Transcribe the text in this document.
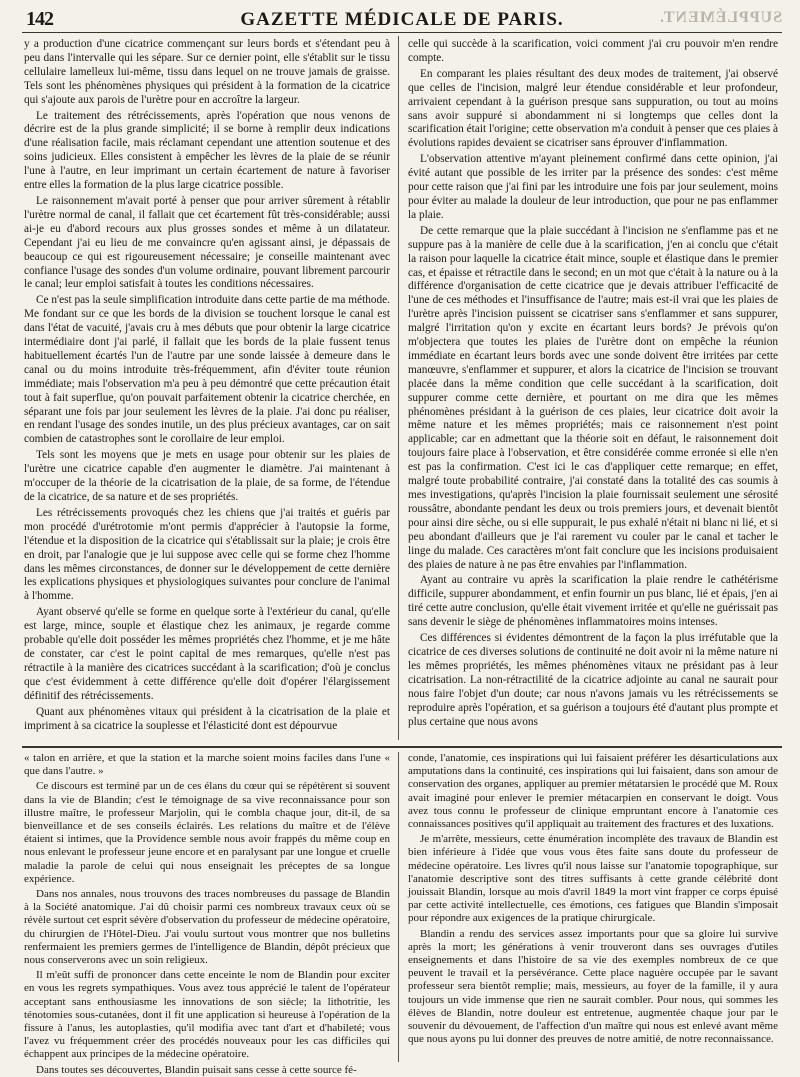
142	GAZETTE MÉDICALE DE PARIS.	SUPPLÉMENT.

y a production d'une cicatrice commençant sur leurs bords et s'étendant peu à peu dans l'intervalle qui les sépare. Sur ce dernier point, elle s'établit sur le tissu cellulaire lamelleux lui-même, tissu dans lequel on ne trouve jamais de graisse. Tels sont les phénomènes physiques qui président à la formation de la cicatrice qui s'ajoute aux parois de l'urètre pour en accroître la largeur.

Le traitement des rétrécissements, après l'opération que nous venons de décrire est de la plus grande simplicité; il se borne à remplir deux indications d'une réalisation facile, mais réclamant cependant une attention soutenue et des soins judicieux. Elles consistent à empêcher les lèvres de la plaie de se réunir l'une à l'autre, en leur imprimant un certain écartement de nature à favoriser entre elles la formation de la plus large cicatrice possible.

Le raisonnement m'avait porté à penser que pour arriver sûrement à rétablir l'urètre normal de canal, il fallait que cet écartement fût très-considérable; aussi ai-je eu d'abord recours aux plus grosses sondes et même à un dilatateur. Cependant j'ai eu lieu de me convaincre qu'en agissant ainsi, je dépassais de beaucoup ce qui est rigoureusement nécessaire; je conseille maintenant avec confiance l'usage des sondes d'un volume ordinaire, pouvant librement parcourir le canal; leur emploi satisfait à toutes les conditions nécessaires.

Ce n'est pas la seule simplification introduite dans cette partie de ma méthode. Me fondant sur ce que les bords de la division se touchent lorsque le canal est dans l'état de vacuité, j'avais cru à mes débuts que pour obtenir la large cicatrice intermédiaire dont j'ai parlé, il fallait que les bords de la plaie fussent tenus habituellement écartés l'un de l'autre par une sonde laissée à demeure dans le canal ou du moins introduite très-fréquemment, afin d'éviter toute réunion immédiate; mais l'observation m'a peu à peu démontré que cette précaution était tout à fait superflue, qu'on pouvait parfaitement obtenir la cicatrice cherchée, en séparant une fois par jour seulement les lèvres de la plaie. J'ai donc pu réaliser, en rendant l'usage des sondes inutile, un des plus précieux avantages, car on sait combien de catastrophes sont le corollaire de leur emploi.

Tels sont les moyens que je mets en usage pour obtenir sur les plaies de l'urètre une cicatrice capable d'en augmenter le diamètre. J'ai maintenant à m'occuper de la théorie de la cicatrisation de la plaie, de sa forme, de l'étendue de la cicatrice, de sa nature et de ses propriétés.

Les rétrécissements provoqués chez les chiens que j'ai traités et guéris par mon procédé d'urétrotomie m'ont permis d'apprécier à l'autopsie la forme, l'étendue et la disposition de la cicatrice qui s'établissait sur la plaie; je crois être en droit, par l'analogie que je lui suppose avec celle qui se forme chez l'homme dans les mêmes circonstances, de donner sur le développement de cette dernière les explications physiques et physiologiques suivantes pour conclure de l'animal à l'homme.

Ayant observé qu'elle se forme en quelque sorte à l'extérieur du canal, qu'elle est large, mince, souple et élastique chez les animaux, je regarde comme probable qu'elle doit posséder les mêmes propriétés chez l'homme, et je me hâte de constater, car c'est le point capital de mes remarques, qu'elle n'est pas rétractile à la manière des cicatrices succédant à la scarification; d'où je conclus que c'est évidemment à cette différence qu'elle doit d'opérer l'élargissement définitif des rétrécissements.

Quant aux phénomènes vitaux qui président à la cicatrisation de la plaie et impriment à sa cicatrice la souplesse et l'élasticité dont est dépourvue

celle qui succède à la scarification, voici comment j'ai cru pouvoir m'en rendre compte.

En comparant les plaies résultant des deux modes de traitement, j'ai observé que celles de l'incision, malgré leur étendue considérable et leur profondeur, arrivaient cependant à la guérison presque sans suppuration, ou tout au moins sans avoir suppuré si abondamment ni si longtemps que celles dont la scarification était l'origine; cette observation m'a conduit à penser que ces plaies à évolutions rapides devaient se cicatriser sans éprouver d'inflammation.

L'observation attentive m'ayant pleinement confirmé dans cette opinion, j'ai évité autant que possible de les irriter par la présence des sondes: c'est même pour cette raison que j'ai fini par les introduire une fois par jour seulement, moins pour éviter au malade la douleur de leur introduction, que pour ne pas enflammer la plaie.

De cette remarque que la plaie succédant à l'incision ne s'enflamme pas et ne suppure pas à la manière de celle due à la scarification, j'en ai conclu que c'était la raison pour laquelle la cicatrice était mince, souple et élastique dans le premier cas, et épaisse et rétractile dans le second; en un mot que c'était à la nature ou à la différence d'organisation de cette cicatrice que je devais attribuer l'efficacité de l'une de ces méthodes et l'insuffisance de l'autre; mais est-il vrai que les plaies de l'urètre après l'incision puissent se cicatriser sans s'enflammer et sans suppurer, malgré l'irritation qu'on y excite en écartant leurs bords? Je prévois qu'on m'objectera que toutes les plaies de l'urètre dont on empêche la réunion immédiate en écartant leurs bords avec une sonde doivent être irritées par cette manœuvre, s'enflammer et suppurer, et alors la cicatrice de l'incision se trouvant placée dans la même condition que celle succédant à la scarification, doit suppurer comme cette dernière, et pourtant on me dira que les mêmes phénomènes présidant à la guérison de ces plaies, leur cicatrice doit avoir la même nature et les mêmes propriétés; mais ce raisonnement n'est point applicable; car en admettant que la théorie soit en défaut, le raisonnement doit toujours faire place à l'observation, et être considérée comme erronée si elle n'en est pas la confirmation. C'est ici le cas d'appliquer cette remarque; en effet, malgré toute probabilité contraire, j'ai constaté dans la totalité des cas soumis à mes investigations, qu'après l'incision la plaie fournissait seulement une sérosité roussâtre, abondante pendant les deux ou trois premiers jours, et devenait bientôt pour ainsi dire sèche, ou si elle suppurait, le pus exhalé n'était ni blanc ni lié, et si peu abondant d'ailleurs que je l'ai rarement vu couler par le canal et tacher le linge du malade. Ces caractères m'ont fait conclure que les incisions produisaient des plaies de nature à ne pas être envahies par l'inflammation.

Ayant au contraire vu après la scarification la plaie rendre le cathétérisme difficile, suppurer abondamment, et enfin fournir un pus blanc, lié et épais, j'en ai tiré cette autre conclusion, qu'elle était vivement irritée et qu'elle ne guérissait pas sans devenir le siège de phénomènes inflammatoires moins intenses.

Ces différences si évidentes démontrent de la façon la plus irréfutable que la cicatrice de ces diverses solutions de continuité ne doit avoir ni la même nature ni les mêmes propriétés, les mêmes phénomènes vitaux ne présidant pas à leur cicatrisation. La non-rétractilité de la cicatrice adjointe au canal ne saurait pour nous faire l'objet d'un doute; car nous n'avons jamais vu les rétrécissements se reproduire après l'opération, et sa guérison a toujours été d'autant plus prompte et plus certaine que nous avons

« talon en arrière, et que la station et la marche soient moins faciles dans l'une « que dans l'autre. »

Ce discours est terminé par un de ces élans du cœur qui se répétèrent si souvent dans la vie de Blandin; c'est le témoignage de sa vive reconnaissance pour son illustre maître, le professeur Marjolin, qui le combla chaque jour, dit-il, de sa bienveillance et de ses conseils éclairés. Les relations du maître et de l'élève étaient si intimes, que la Providence semble nous avoir frappés du même coup en nous enlevant le professeur jeune encore et en paralysant par une longue et cruelle maladie la parole de celui qui nous enseignait les préceptes de sa longue expérience.

Dans nos annales, nous trouvons des traces nombreuses du passage de Blandin à la Société anatomique. J'ai dû choisir parmi ces nombreux travaux ceux où se révèle surtout cet esprit sévère d'observation du professeur de médecine opératoire, du chirurgien de l'Hôtel-Dieu. J'ai voulu surtout vous montrer que nos bulletins renfermaient les premiers germes de l'intelligence de Blandin, dépôt précieux que nous conserverons avec un soin religieux.

Il m'eût suffi de prononcer dans cette enceinte le nom de Blandin pour exciter en vous les regrets sympathiques. Vous avez tous apprécié le talent de l'opérateur acceptant sans enthousiasme les innovations de son siècle; la lithotritie, les ténotomies sous-cutanées, dont il fit une application si heureuse à l'opération de la fissure à l'anus, les autoplasties, qu'il modifia avec tant d'art et d'habileté; vous l'avez vu fréquemment créer des procédés nouveaux pour les cas difficiles qui échappent aux principes de la médecine opératoire.

Dans toutes ses découvertes, Blandin puisait sans cesse à cette source fé-

conde, l'anatomie, ces inspirations qui lui faisaient préférer les désarticulations aux amputations dans la continuité, ces inspirations qui lui faisaient, dans son amour de conservation des organes, appliquer au premier métatarsien le procédé que M. Roux avait imaginé pour enlever le premier métacarpien en conservant le doigt. Vous avez tous connu le professeur de clinique empruntant encore à l'anatomie ces connaissances positives qu'il appliquait au traitement des fractures et des luxations.

Je m'arrête, messieurs, cette énumération incomplète des travaux de Blandin est bien inférieure à l'idée que vous vous êtes faite sans doute du professeur de médecine opératoire. Les livres qu'il nous laisse sur l'anatomie topographique, sur l'anatomie descriptive sont des titres suffisants à cette grande célébrité dont jouissait Blandin, lorsque au mois d'avril 1849 la mort vint frapper ce corps épuisé par cette activité intellectuelle, ces émotions, ces fatigues que Blandin s'imposait pour répondre aux exigences de la pratique chirurgicale.

Blandin a rendu des services assez importants pour que sa gloire lui survive après la mort; les générations à venir trouveront dans ses ouvrages d'utiles enseignements et dans l'histoire de sa vie des exemples nombreux de ce que peuvent le travail et la persévérance. Cette place naguère occupée par le savant professeur sera bientôt remplie; mais, messieurs, au foyer de la famille, il y aura toujours un vide immense que rien ne saurait combler. Pour nous, qui sommes les élèves de Blandin, notre douleur est entretenue, augmentée chaque jour par le souvenir du dévouement, de l'affection d'un maître qui nous est enlevé avant même que nous ayons pu lui donner des preuves de notre amitié, de notre reconnaissance.
